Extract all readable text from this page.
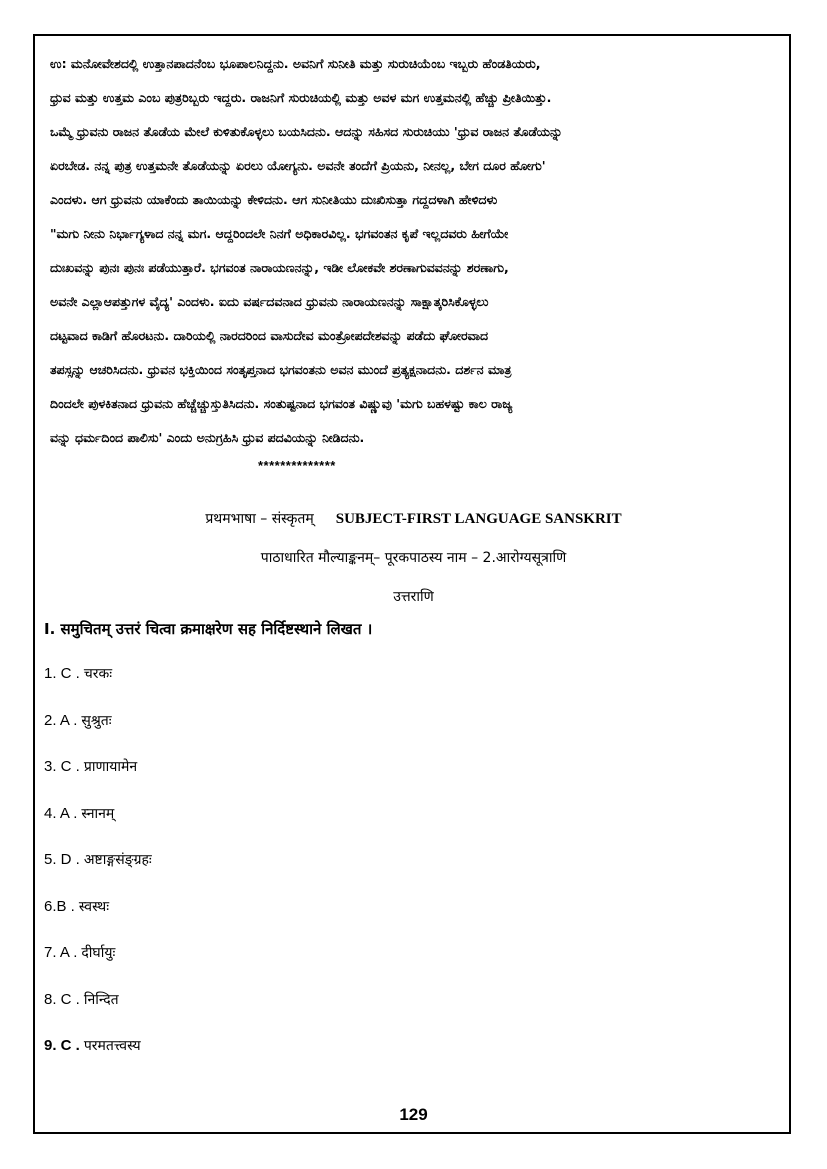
ಉ: ಮನೋವೇಶದಲ್ಲಿ ಉತ್ತಾನಪಾದನೆಂಬ ಭೂಪಾಲನಿದ್ದನು. ಅವನಿಗೆ ಸುನೀತಿ ಮತ್ತು ಸುರುಚಿಯೆಂಬ ಇಬ್ಬರು ಹೆಂಡತಿಯರು,
ಧ್ರುವ ಮತ್ತು ಉತ್ತಮ ಎಂಬ ಪುತ್ರರಿಬ್ಬರು ಇದ್ದರು. ರಾಜನಿಗೆ ಸುರುಚಿಯಲ್ಲಿ ಮತ್ತು ಅವಳ ಮಗ ಉತ್ತಮನಲ್ಲಿ ಹೆಚ್ಚು ಪ್ರೀತಿಯಿತ್ತು.
ಒಮ್ಮೆ ಧ್ರುವನು ರಾಜನ ತೊಡೆಯ ಮೇಲೆ ಕುಳಿತುಕೊಳ್ಳಲು ಬಯಸಿದನು. ಆದನ್ನು ಸಹಿಸದ ಸುರುಚಿಯು 'ಧ್ರುವ ರಾಜನ ತೊಡೆಯನ್ನು
ಏರಬೇಡ. ನನ್ನ ಪುತ್ರ ಉತ್ತಮನೇ ತೊಡೆಯನ್ನು ಏರಲು ಯೋಗ್ಯನು. ಅವನೇ ತಂದೆಗೆ ಪ್ರಿಯನು, ನೀನಲ್ಲ, ಬೇಗ ದೂರ ಹೋಗು'
ಎಂದಳು. ಆಗ ಧ್ರುವನು ಯಾಕೆಂದು ತಾಯಿಯನ್ನು ಕೇಳಿದನು. ಆಗ ಸುನೀತಿಯು ದುಃಖಿಸುತ್ತಾ ಗದ್ದದಳಾಗಿ ಹೇಳಿದಳು
"ಮಗು ನೀನು ನಿರ್ಭಾಗ್ಯಳಾದ ನನ್ನ ಮಗ. ಆದ್ದರಿಂದಲೇ ನಿನಗೆ ಅಧಿಕಾರವಿಲ್ಲ. ಭಗವಂತನ ಕೃಪೆ ಇಲ್ಲದವರು ಹೀಗೆಯೇ
ದುಃಖವನ್ನು ಪುನಃ ಪುನಃ ಪಡೆಯುತ್ತಾರೆ. ಭಗವಂತ ನಾರಾಯಣನನ್ನು, ಇಡೀ ಲೋಕವೇ ಶರಣಾಗುವವನನ್ನು ಶರಣಾಗು,
ಅವನೇ ಎಲ್ಲಾಆಪತ್ತುಗಳ ವೈದ್ಯ' ಎಂದಳು. ಐದು ವರ್ಷದವನಾದ ಧ್ರುವನು ನಾರಾಯಣನನ್ನು ಸಾಕ್ಷಾತ್ಕರಿಸಿಕೊಳ್ಳಲು
ದಟ್ಟವಾದ ಕಾಡಿಗೆ ಹೊರಟನು. ದಾರಿಯಲ್ಲಿ ನಾರದರಿಂದ ವಾಸುದೇವ ಮಂತ್ರೋಪದೇಶವನ್ನು ಪಡೆದು ಘೋರವಾದ
ತಪಸ್ಸನ್ನು ಆಚರಿಸಿದನು. ಧ್ರುವನ ಭಕ್ತಿಯಿಂದ ಸಂತೃಪ್ತನಾದ ಭಗವಂತನು ಅವನ ಮುಂದೆ ಪ್ರತ್ಯಕ್ಷನಾದನು. ದರ್ಶನ ಮಾತ್ರ
ದಿಂದಲೇ ಪುಳಕಿತನಾದ ಧ್ರುವನು ಹೆಚ್ಚೆಚ್ಚುಸ್ತುತಿಸಿದನು. ಸಂತುಷ್ಟನಾದ ಭಗವಂತ ವಿಷ್ಣುವು 'ಮಗು ಬಹಳಷ್ಟು ಕಾಲ ರಾಜ್ಯ
ವನ್ನು ಧರ್ಮದಿಂದ ಪಾಲಿಸು' ಎಂದು ಅನುಗ್ರಹಿಸಿ ಧ್ರುವ ಪದವಿಯನ್ನು ನೀಡಿದನು.
**************
प्रथमभाषा – संस्कृतम् SUBJECT-FIRST LANGUAGE SANSKRIT
पाठाधारित मौल्याङ्कनम्– पूरकपाठस्य नाम – 2.आरोग्यसूत्राणि
उत्तराणि
I. समुचितम् उत्तरं चित्वा क्रमाक्षरेण सह निर्दिष्टस्थाने लिखत ।
1. C . चरकः
2. A . सुश्रुतः
3. C . प्राणायामेन
4. A . स्नानम्
5. D . अष्टाङ्गसंङ्ग्रहः
6.B . स्वस्थः
7. A . दीर्घायुः
8. C . निन्दित
9. C . परमतत्त्वस्य
129
